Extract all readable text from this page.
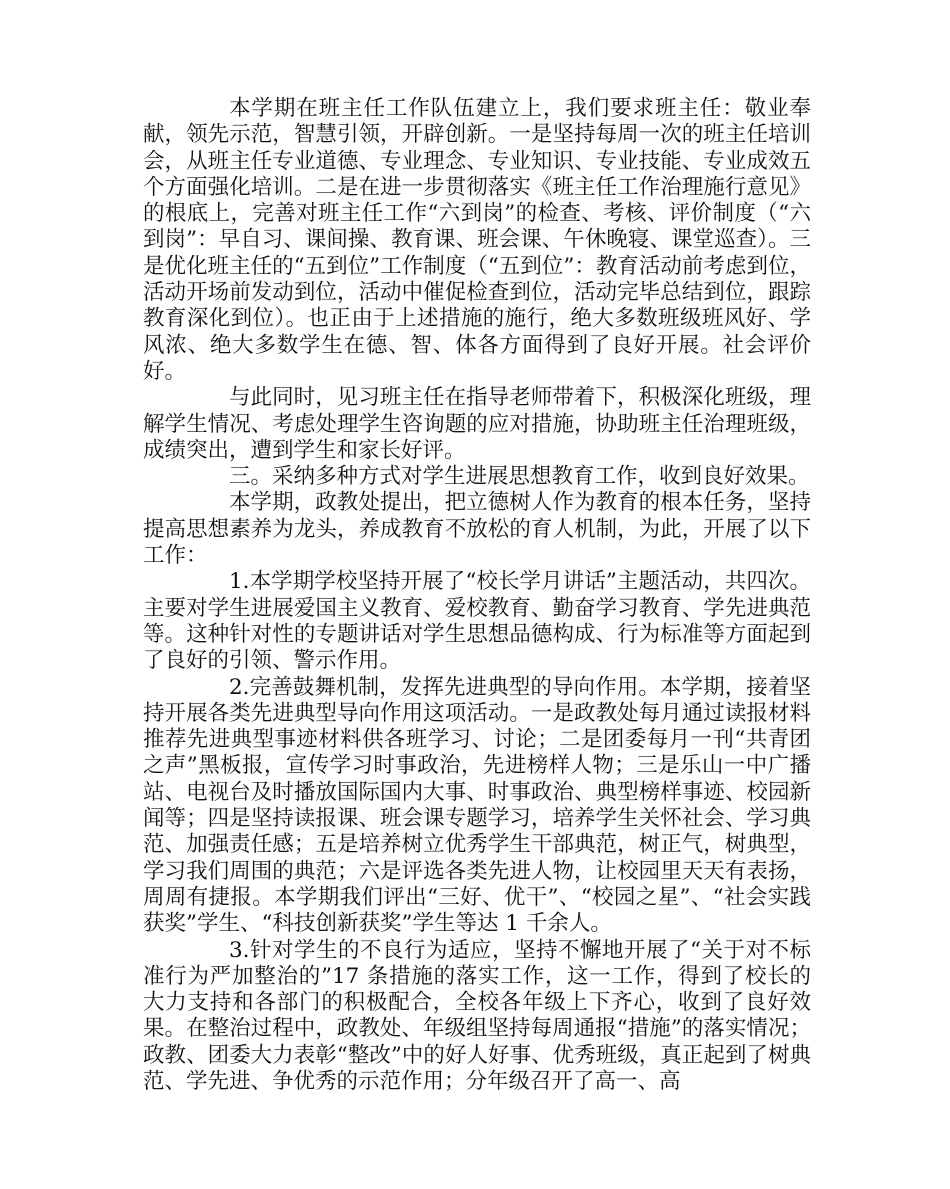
本学期在班主任工作队伍建立上，我们要求班主任：敬业奉献，领先示范，智慧引领，开辟创新。一是坚持每周一次的班主任培训会，从班主任专业道德、专业理念、专业知识、专业技能、专业成效五个方面强化培训。二是在进一步贯彻落实《班主任工作治理施行意见》的根底上，完善对班主任工作“六到岗”的检查、考核、评价制度（“六到岗”：早自习、课间操、教育课、班会课、午休晚寝、课堂巡查）。三是优化班主任的“五到位”工作制度（“五到位”：教育活动前考虑到位，活动开场前发动到位，活动中催促检查到位，活动完毕总结到位，跟踪教育深化到位）。也正由于上述措施的施行，绝大多数班级班风好、学风浓、绝大多数学生在德、智、体各方面得到了良好开展。社会评价好。

与此同时，见习班主任在指导老师带着下，积极深化班级，理解学生情况、考虑处理学生咨询题的应对措施，协助班主任治理班级，成绩突出，遭到学生和家长好评。

三。采纳多种方式对学生进展思想教育工作，收到良好效果。

本学期，政教处提出，把立德树人作为教育的根本任务，坚持提高思想素养为龙头，养成教育不放松的育人机制，为此，开展了以下工作：

1.本学期学校坚持开展了“校长学月讲话”主题活动，共四次。主要对学生进展爱国主义教育、爱校教育、勤奋学习教育、学先进典范等。这种针对性的专题讲话对学生思想品德构成、行为标准等方面起到了良好的引领、警示作用。

2.完善鼓舞机制，发挥先进典型的导向作用。本学期，接着坚持开展各类先进典型导向作用这项活动。一是政教处每月通过读报材料推荐先进典型事迹材料供各班学习、讨论；二是团委每月一刊“共青团之声”黑板报，宣传学习时事政治，先进榜样人物；三是乐山一中广播站、电视台及时播放国际国内大事、时事政治、典型榜样事迹、校园新闻等；四是坚持读报课、班会课专题学习，培养学生关怀社会、学习典范、加强责任感；五是培养树立优秀学生干部典范，树正气，树典型，学习我们周围的典范；六是评选各类先进人物，让校园里天天有表扬，周周有捷报。本学期我们评出“三好、优干”、“校园之星”、“社会实践获奖”学生、“科技创新获奖”学生等达 1 千余人。

3.针对学生的不良行为适应，坚持不懈地开展了“关于对不标准行为严加整治的”17 条措施的落实工作，这一工作，得到了校长的大力支持和各部门的积极配合，全校各年级上下齐心，收到了良好效果。在整治过程中，政教处、年级组坚持每周通报“措施”的落实情况；政教、团委大力表彰“整改”中的好人好事、优秀班级，真正起到了树典范、学先进、争优秀的示范作用；分年级召开了高一、高
